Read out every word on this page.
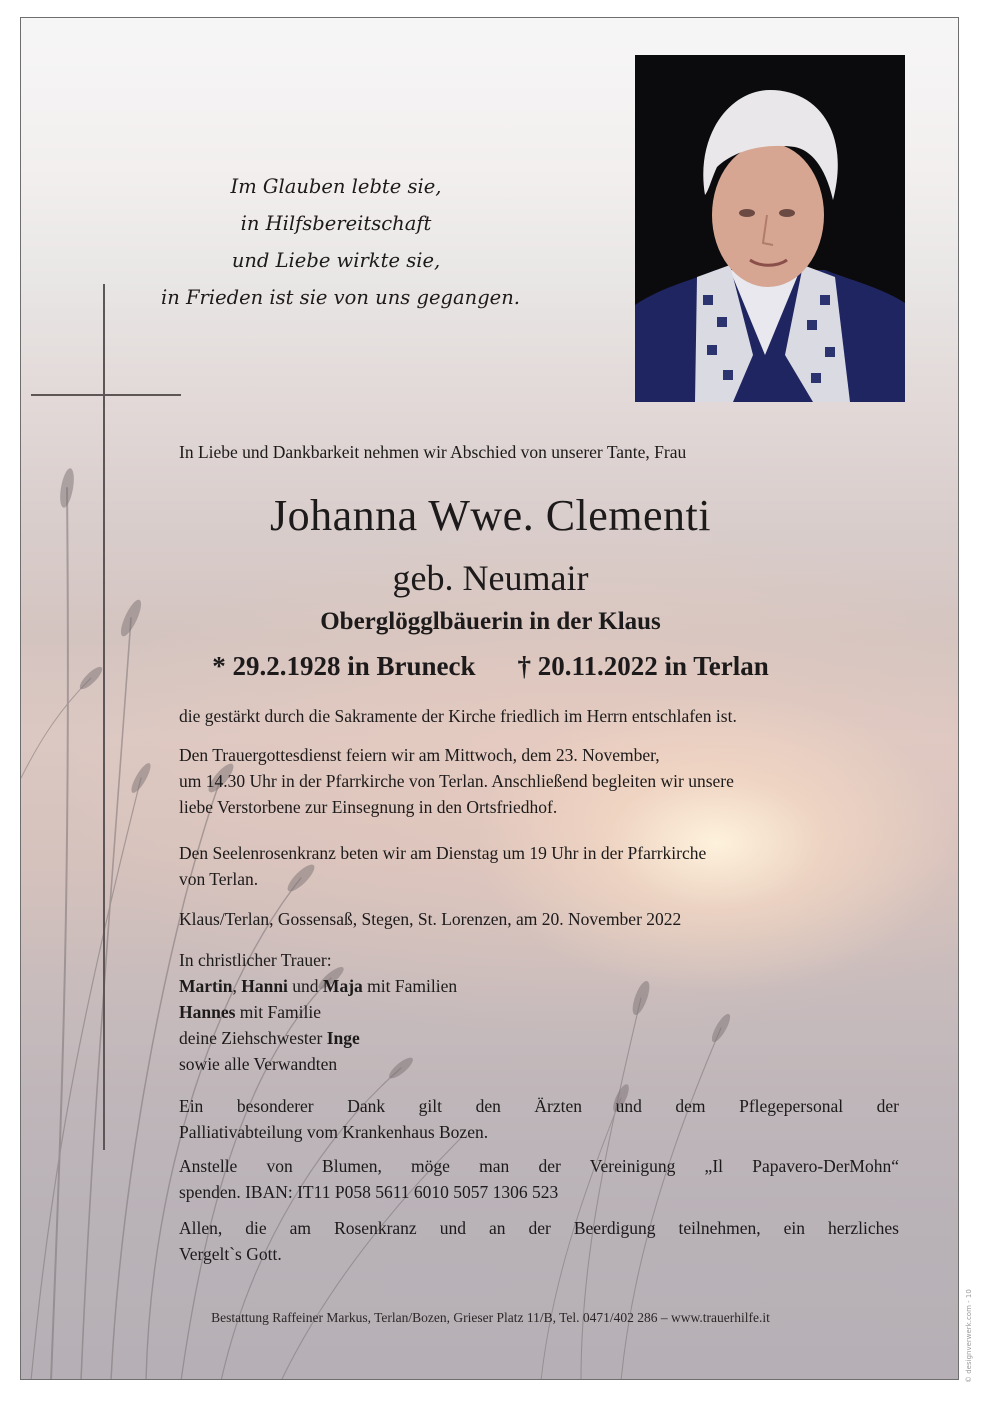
Im Glauben lebte sie,
in Hilfsbereitschaft
und Liebe wirkte sie,
in Frieden ist sie von uns gegangen.
In Liebe und Dankbarkeit nehmen wir Abschied von unserer Tante, Frau
Johanna Wwe. Clementi
geb. Neumair
Oberglögglbäuerin in der Klaus
* 29.2.1928 in Bruneck † 20.11.2022 in Terlan
die gestärkt durch die Sakramente der Kirche friedlich im Herrn entschlafen ist.

Den Trauergottesdienst feiern wir am Mittwoch, dem 23. November,

um 14.30 Uhr in der Pfarrkirche von Terlan. Anschließend begleiten wir unsere

liebe Verstorbene zur Einsegnung in den Ortsfriedhof.

Den Seelenrosenkranz beten wir am Dienstag um 19 Uhr in der Pfarrkirche

von Terlan.

Klaus/Terlan, Gossensaß, Stegen, St. Lorenzen, am 20. November 2022

In christlicher Trauer:

Martin, Hanni und Maja mit Familien

Hannes mit Familie

deine Ziehschwester Inge

sowie alle Verwandten

Ein besonderer Dank gilt den Ärzten und dem Pflegepersonal der
Palliativabteilung vom Krankenhaus Bozen.
Anstelle von Blumen, möge man der Vereinigung „Il Papavero-DerMohn“
spenden. IBAN: IT11 P058 5611 6010 5057 1306 523
Allen, die am Rosenkranz und an der Beerdigung teilnehmen, ein herzliches
Vergelt`s Gott.
Bestattung Raffeiner Markus, Terlan/Bozen, Grieser Platz 11/B, Tel. 0471/402 286 – www.trauerhilfe.it	© designverwerk.com - 10
